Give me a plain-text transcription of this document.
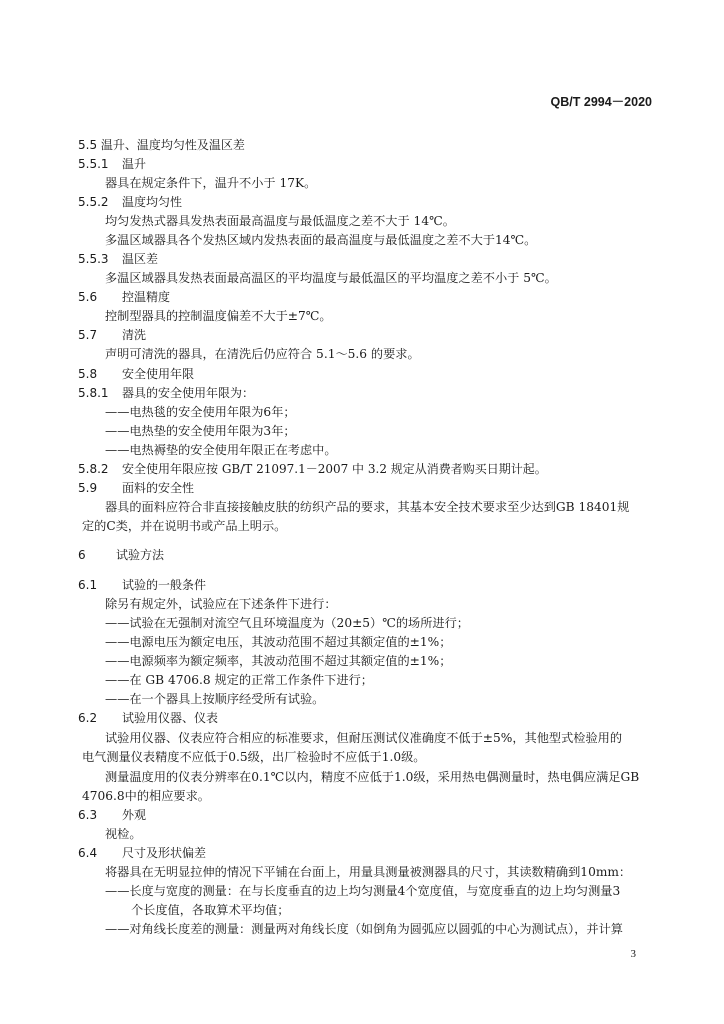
QB/T 2994－2020
5.5 温升、温度均匀性及温区差
5.5.1 温升
器具在规定条件下，温升不小于 17K。
5.5.2 温度均匀性
均匀发热式器具发热表面最高温度与最低温度之差不大于 14℃。
多温区域器具各个发热区域内发热表面的最高温度与最低温度之差不大于14℃。
5.5.3 温区差
多温区域器具发热表面最高温区的平均温度与最低温区的平均温度之差不小于 5℃。
5.6 控温精度
控制型器具的控制温度偏差不大于±7℃。
5.7 清洗
声明可清洗的器具，在清洗后仍应符合 5.1～5.6 的要求。
5.8 安全使用年限
5.8.1 器具的安全使用年限为：
——电热毯的安全使用年限为6年；
——电热垫的安全使用年限为3年；
——电热褥垫的安全使用年限正在考虑中。
5.8.2 安全使用年限应按 GB/T 21097.1－2007 中 3.2 规定从消费者购买日期计起。
5.9 面料的安全性
器具的面料应符合非直接接触皮肤的纺织产品的要求，其基本安全技术要求至少达到GB 18401规
定的C类，并在说明书或产品上明示。
6	试验方法
6.1 试验的一般条件
除另有规定外，试验应在下述条件下进行：
——试验在无强制对流空气且环境温度为（20±5）℃的场所进行；
——电源电压为额定电压，其波动范围不超过其额定值的±1%；
——电源频率为额定频率，其波动范围不超过其额定值的±1%；
——在 GB 4706.8 规定的正常工作条件下进行；
——在一个器具上按顺序经受所有试验。
6.2 试验用仪器、仪表
试验用仪器、仪表应符合相应的标准要求，但耐压测试仪准确度不低于±5%，其他型式检验用的
电气测量仪表精度不应低于0.5级，出厂检验时不应低于1.0级。
测量温度用的仪表分辨率在0.1℃以内，精度不应低于1.0级，采用热电偶测量时，热电偶应满足GB
4706.8中的相应要求。
6.3 外观
视检。
6.4 尺寸及形状偏差
将器具在无明显拉伸的情况下平铺在台面上，用量具测量被测器具的尺寸，其读数精确到10mm：
——长度与宽度的测量：在与长度垂直的边上均匀测量4个宽度值，与宽度垂直的边上均匀测量3
个长度值，各取算术平均值；
——对角线长度差的测量：测量两对角线长度（如倒角为圆弧应以圆弧的中心为测试点），并计算
3
